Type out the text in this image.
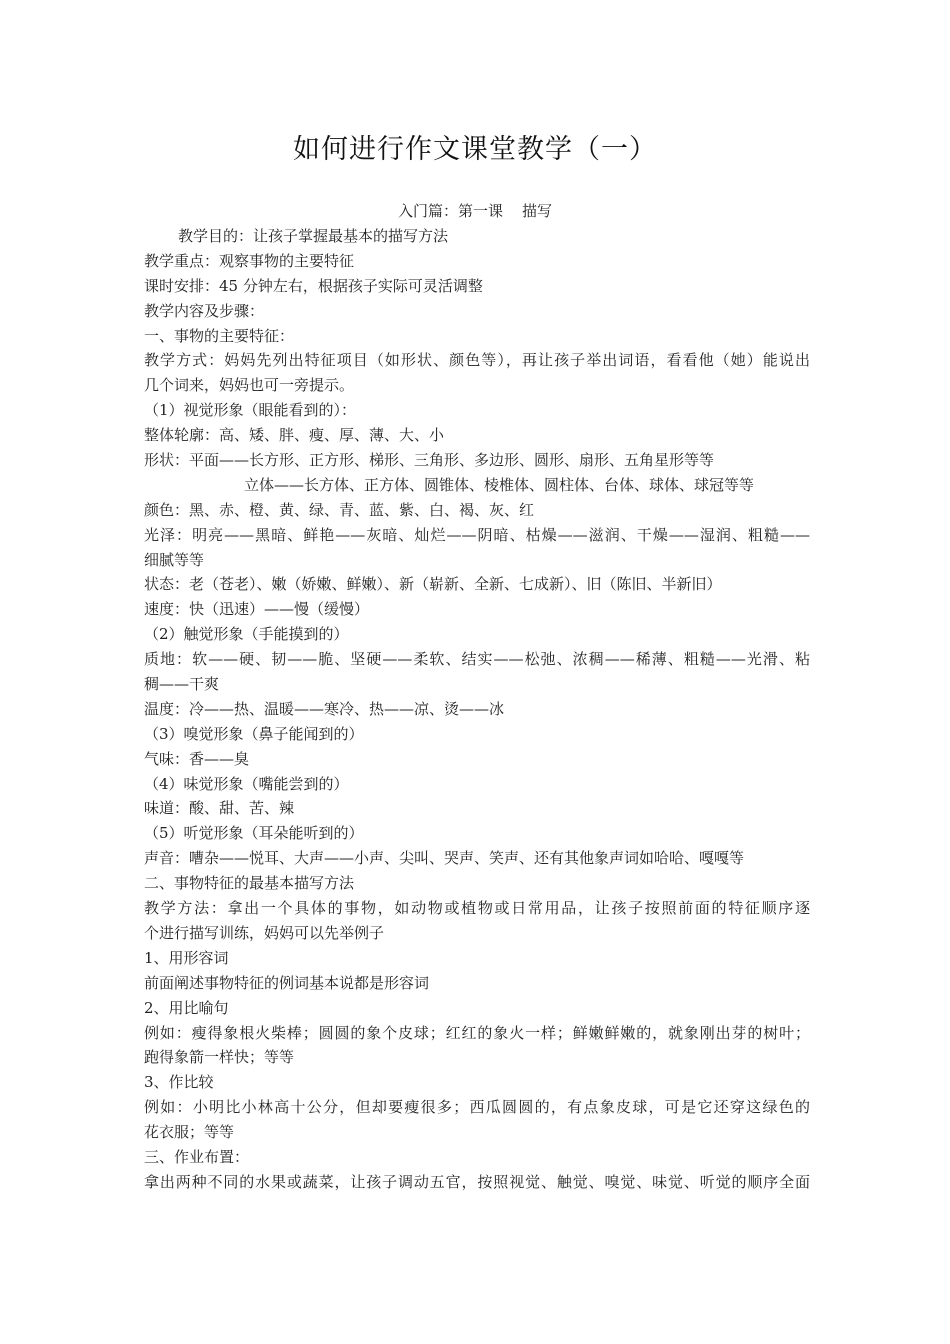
如何进行作文课堂教学（一）
入门篇：第一课    描写
教学目的：让孩子掌握最基本的描写方法
教学重点：观察事物的主要特征
课时安排：45 分钟左右，根据孩子实际可灵活调整
教学内容及步骤：
一、事物的主要特征：
教学方式：妈妈先列出特征项目（如形状、颜色等），再让孩子举出词语，看看他（她）能说出
几个词来，妈妈也可一旁提示。
（1）视觉形象（眼能看到的）：
整体轮廓：高、矮、胖、瘦、厚、薄、大、小
形状：平面——长方形、正方形、梯形、三角形、多边形、圆形、扇形、五角星形等等
立体——长方体、正方体、圆锥体、棱椎体、圆柱体、台体、球体、球冠等等
颜色：黑、赤、橙、黄、绿、青、蓝、紫、白、褐、灰、红
光泽：明亮——黑暗、鲜艳——灰暗、灿烂——阴暗、枯燥——滋润、干燥——湿润、粗糙——
细腻等等
状态：老（苍老）、嫩（娇嫩、鲜嫩）、新（崭新、全新、七成新）、旧（陈旧、半新旧）
速度：快（迅速）——慢（缓慢）
（2）触觉形象（手能摸到的）
质地：软——硬、韧——脆、坚硬——柔软、结实——松弛、浓稠——稀薄、粗糙——光滑、粘
稠——干爽
温度：冷——热、温暖——寒冷、热——凉、烫——冰
（3）嗅觉形象（鼻子能闻到的）
气味：香——臭
（4）味觉形象（嘴能尝到的）
味道：酸、甜、苦、辣
（5）听觉形象（耳朵能听到的）
声音：嘈杂——悦耳、大声——小声、尖叫、哭声、笑声、还有其他象声词如哈哈、嘎嘎等
二、事物特征的最基本描写方法
教学方法：拿出一个具体的事物，如动物或植物或日常用品，让孩子按照前面的特征顺序逐
个进行描写训练，妈妈可以先举例子
1、用形容词
前面阐述事物特征的例词基本说都是形容词
2、用比喻句
例如：瘦得象根火柴棒；圆圆的象个皮球；红红的象火一样；鲜嫩鲜嫩的，就象刚出芽的树叶；
跑得象箭一样快；等等
3、作比较
例如：小明比小林高十公分，但却要瘦很多；西瓜圆圆的，有点象皮球，可是它还穿这绿色的
花衣服；等等
三、作业布置：
拿出两种不同的水果或蔬菜，让孩子调动五官，按照视觉、触觉、嗅觉、味觉、听觉的顺序全面
